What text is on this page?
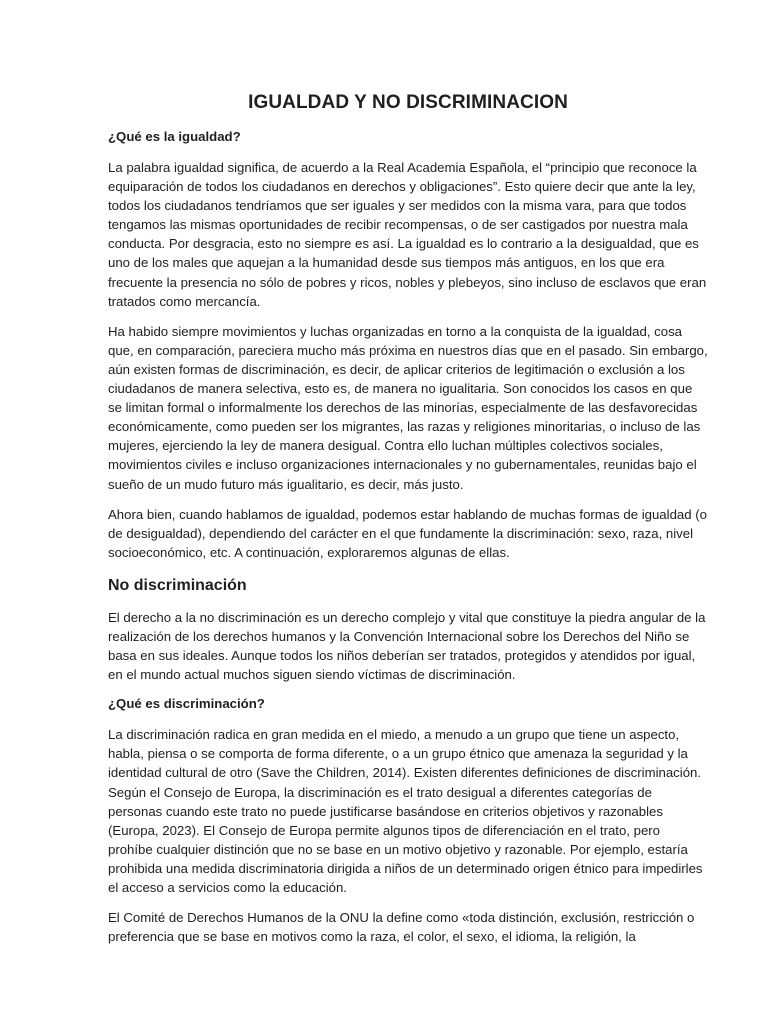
IGUALDAD Y NO DISCRIMINACION
¿Qué es la igualdad?

La palabra igualdad significa, de acuerdo a la Real Academia Española, el “principio que reconoce la equiparación de todos los ciudadanos en derechos y obligaciones”. Esto quiere decir que ante la ley, todos los ciudadanos tendríamos que ser iguales y ser medidos con la misma vara, para que todos tengamos las mismas oportunidades de recibir recompensas, o de ser castigados por nuestra mala conducta. Por desgracia, esto no siempre es así. La igualdad es lo contrario a la desigualdad, que es uno de los males que aquejan a la humanidad desde sus tiempos más antiguos, en los que era frecuente la presencia no sólo de pobres y ricos, nobles y plebeyos, sino incluso de esclavos que eran tratados como mercancía.

Ha habido siempre movimientos y luchas organizadas en torno a la conquista de la igualdad, cosa que, en comparación, pareciera mucho más próxima en nuestros días que en el pasado. Sin embargo, aún existen formas de discriminación, es decir, de aplicar criterios de legitimación o exclusión a los ciudadanos de manera selectiva, esto es, de manera no igualitaria. Son conocidos los casos en que se limitan formal o informalmente los derechos de las minorías, especialmente de las desfavorecidas económicamente, como pueden ser los migrantes, las razas y religiones minoritarias, o incluso de las mujeres, ejerciendo la ley de manera desigual. Contra ello luchan múltiples colectivos sociales, movimientos civiles e incluso organizaciones internacionales y no gubernamentales, reunidas bajo el sueño de un mudo futuro más igualitario, es decir, más justo.

Ahora bien, cuando hablamos de igualdad, podemos estar hablando de muchas formas de igualdad (o de desigualdad), dependiendo del carácter en el que fundamente la discriminación: sexo, raza, nivel socioeconómico, etc. A continuación, exploraremos algunas de ellas.

No discriminación

El derecho a la no discriminación es un derecho complejo y vital que constituye la piedra angular de la realización de los derechos humanos y la Convención Internacional sobre los Derechos del Niño se basa en sus ideales. Aunque todos los niños deberían ser tratados, protegidos y atendidos por igual, en el mundo actual muchos siguen siendo víctimas de discriminación.

¿Qué es discriminación?

La discriminación radica en gran medida en el miedo, a menudo a un grupo que tiene un aspecto, habla, piensa o se comporta de forma diferente, o a un grupo étnico que amenaza la seguridad y la identidad cultural de otro (Save the Children, 2014). Existen diferentes definiciones de discriminación. Según el Consejo de Europa, la discriminación es el trato desigual a diferentes categorías de personas cuando este trato no puede justificarse basándose en criterios objetivos y razonables (Europa, 2023). El Consejo de Europa permite algunos tipos de diferenciación en el trato, pero prohíbe cualquier distinción que no se base en un motivo objetivo y razonable. Por ejemplo, estaría prohibida una medida discriminatoria dirigida a niños de un determinado origen étnico para impedirles el acceso a servicios como la educación.

El Comité de Derechos Humanos de la ONU la define como «toda distinción, exclusión, restricción o preferencia que se base en motivos como la raza, el color, el sexo, el idioma, la religión, la
